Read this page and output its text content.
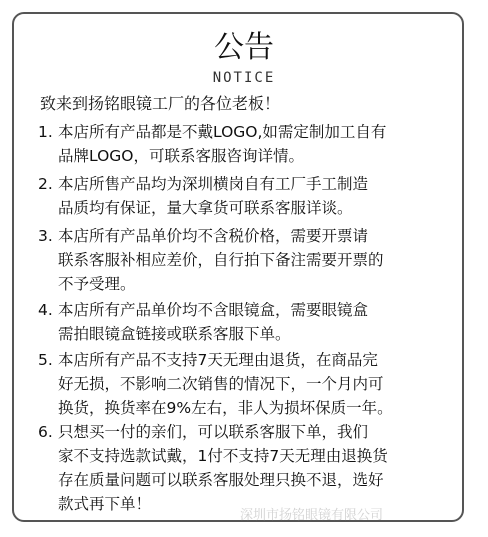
公告
NOTICE
致来到扬铭眼镜工厂的各位老板！
1. 本店所有产品都是不戴LOGO,如需定制加工自有
品牌LOGO，可联系客服咨询详情。
2. 本店所售产品均为深圳横岗自有工厂手工制造
品质均有保证，量大拿货可联系客服详谈。
3. 本店所有产品单价均不含税价格，需要开票请
联系客服补相应差价，自行拍下备注需要开票的
不予受理。
4. 本店所有产品单价均不含眼镜盒，需要眼镜盒
需拍眼镜盒链接或联系客服下单。
5. 本店所有产品不支持7天无理由退货，在商品完
好无损，不影响二次销售的情况下，一个月内可
换货，换货率在9%左右，非人为损坏保质一年。
6. 只想买一付的亲们，可以联系客服下单，我们
家不支持选款试戴，1付不支持7天无理由退换货
存在质量问题可以联系客服处理只换不退，选好
款式再下单！
深圳市扬铭眼镜有限公司
